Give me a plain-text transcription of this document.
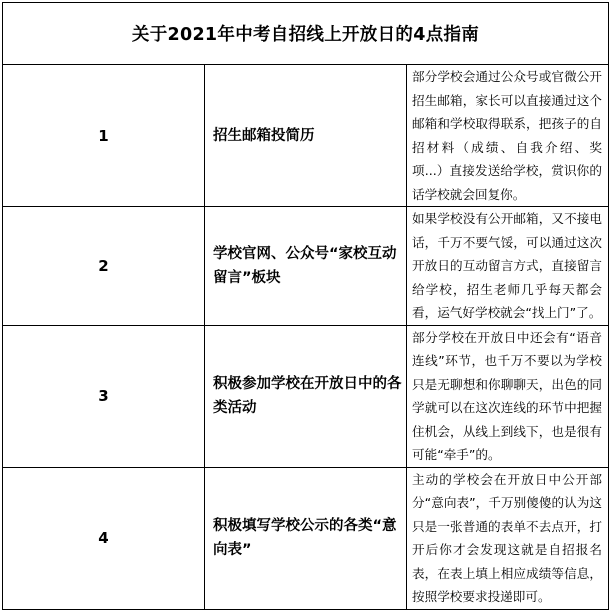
关于2021年中考自招线上开放日的4点指南		
1	招生邮箱投简历	部分学校会通过公众号或官微公开招生邮箱，家长可以直接通过这个邮箱和学校取得联系，把孩子的自招材料（成绩、自我介绍、奖项...）直接发送给学校，赏识你的话学校就会回复你。
2	学校官网、公众号“家校互动留言”板块	如果学校没有公开邮箱，又不接电话，千万不要气馁，可以通过这次开放日的互动留言方式，直接留言给学校，招生老师几乎每天都会看，运气好学校就会“找上门”了。
3	积极参加学校在开放日中的各类活动	部分学校在开放日中还会有“语音连线”环节，也千万不要以为学校只是无聊想和你聊聊天，出色的同学就可以在这次连线的环节中把握住机会，从线上到线下，也是很有可能“牵手”的。
4	积极填写学校公示的各类“意向表”	主动的学校会在开放日中公开部分“意向表”，千万别傻傻的认为这只是一张普通的表单不去点开，打开后你才会发现这就是自招报名表，在表上填上相应成绩等信息，按照学校要求投递即可。
